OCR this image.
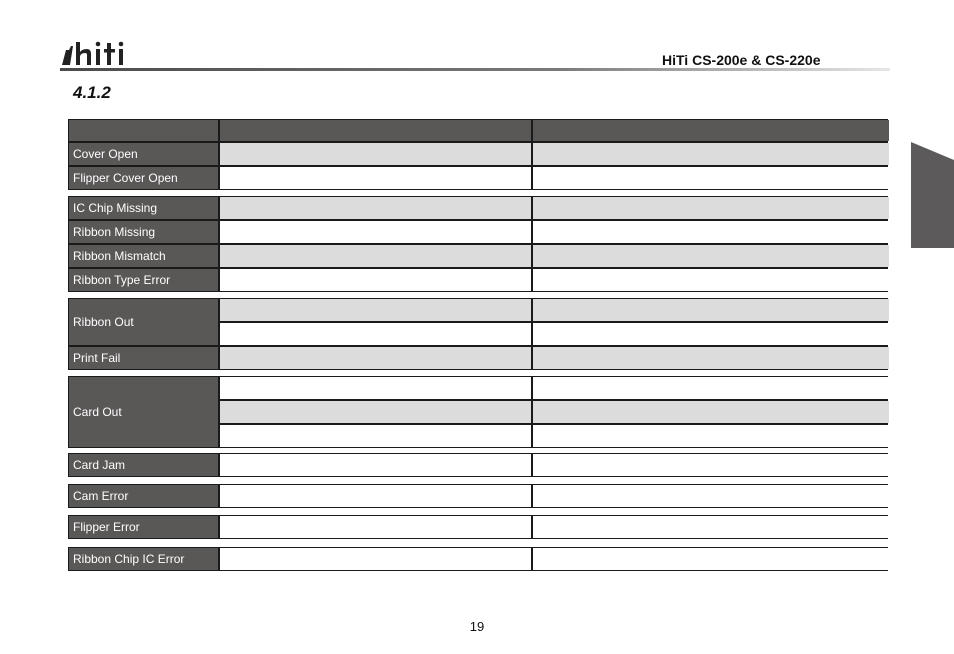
HiTi CS-200e & CS-220e
4.1.2
Cover Open
Flipper Cover Open
IC Chip Missing
Ribbon Missing
Ribbon Mismatch
Ribbon Type Error
Ribbon Out
Print Fail
Card Out
Card Jam
Cam Error
Flipper Error
Ribbon Chip IC Error
19
